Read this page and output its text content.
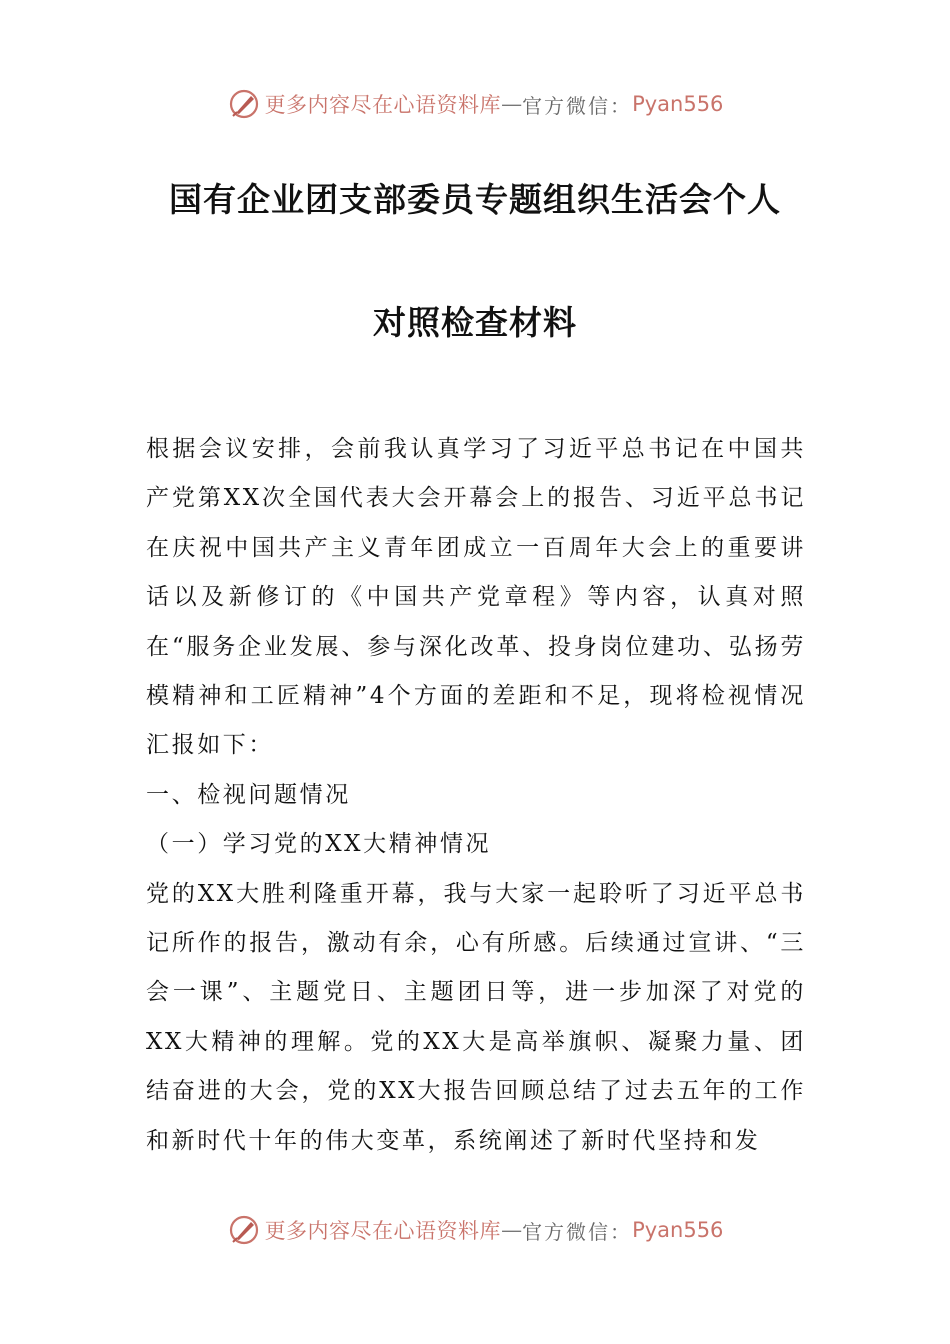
更多内容尽在心语资料库 — 官方微信： Pyan556
国有企业团支部委员专题组织生活会个人
对照检查材料

根据会议安排，会前我认真学习了习近平总书记在中国共产党第XX次全国代表大会开幕会上的报告、习近平总书记在庆祝中国共产主义青年团成立一百周年大会上的重要讲话以及新修订的《中国共产党章程》等内容，认真对照在“服务企业发展、参与深化改革、投身岗位建功、弘扬劳模精神和工匠精神”4个方面的差距和不足，现将检视情况汇报如下：

一、检视问题情况

（一）学习党的XX大精神情况

党的XX大胜利隆重开幕，我与大家一起聆听了习近平总书记所作的报告，激动有余，心有所感。后续通过宣讲、“三会一课”、主题党日、主题团日等，进一步加深了对党的XX大精神的理解。党的XX大是高举旗帜、凝聚力量、团结奋进的大会，党的XX大报告回顾总结了过去五年的工作和新时代十年的伟大变革，系统阐述了新时代坚持和发

更多内容尽在心语资料库 — 官方微信： Pyan556
